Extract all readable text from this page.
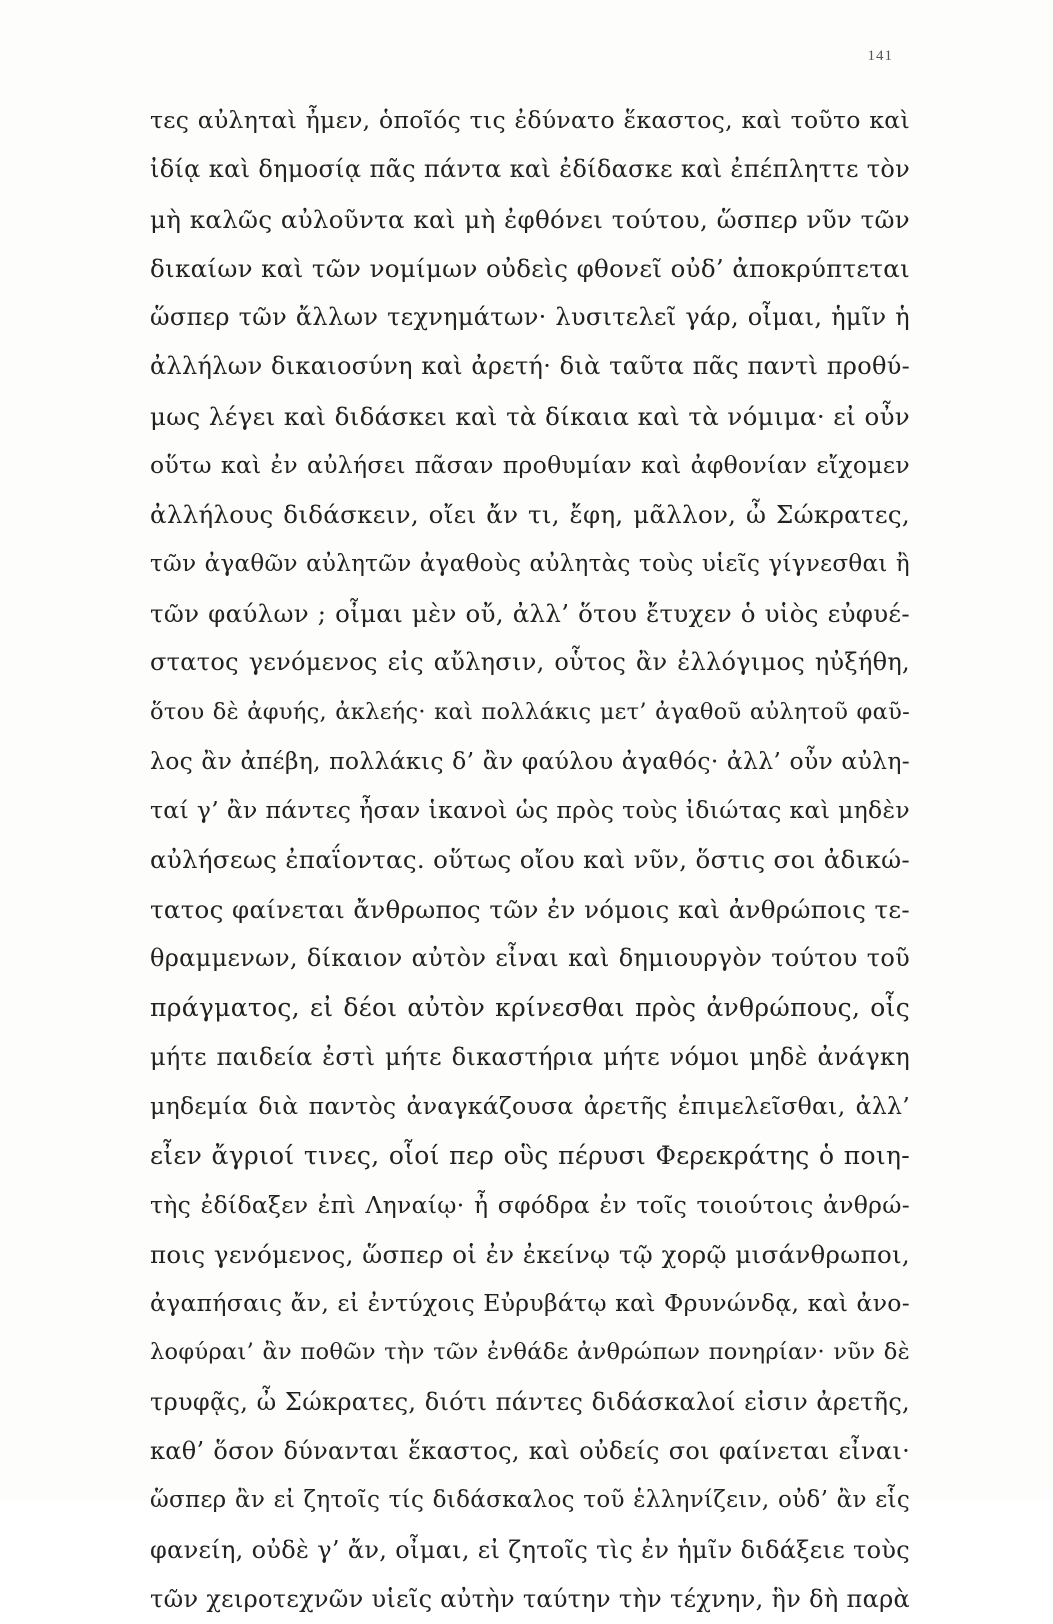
141
τες αὐληταὶ ἦμεν, ὁποῖός τις ἐδύνατο ἕκαστος, καὶ τοῦτο καὶ
ἰδίᾳ καὶ δημοσίᾳ πᾶς πάντα καὶ ἐδίδασκε καὶ ἐπέπληττε τὸν
μὴ καλῶς αὐλοῦντα καὶ μὴ ἐφθόνει τούτου, ὥσπερ νῦν τῶν
δικαίων καὶ τῶν νομίμων οὐδεὶς φθονεῖ οὐδ’ ἀποκρύπτεται
ὥσπερ τῶν ἄλλων τεχνημάτων· λυσιτελεῖ γάρ, οἶμαι, ἡμῖν ἡ
ἀλλήλων δικαιοσύνη καὶ ἀρετή· διὰ ταῦτα πᾶς παντὶ προθύ-
μως λέγει καὶ διδάσκει καὶ τὰ δίκαια καὶ τὰ νόμιμα· εἰ οὖν
οὕτω καὶ ἐν αὐλήσει πᾶσαν προθυμίαν καὶ ἀφθονίαν εἴχομεν
ἀλλήλους διδάσκειν, οἴει ἄν τι, ἔφη, μᾶλλον, ὦ Σώκρατες,
τῶν ἀγαθῶν αὐλητῶν ἀγαθοὺς αὐλητὰς τοὺς υἱεῖς γίγνεσθαι ἢ
τῶν φαύλων ; οἶμαι μὲν οὔ, ἀλλ’ ὅτου ἔτυχεν ὁ υἱὸς εὐφυέ-
στατος γενόμενος εἰς αὔλησιν, οὗτος ἂν ἐλλόγιμος ηὐξήθη,
ὅτου δὲ ἀφυής, ἀκλεής· καὶ πολλάκις μετ’ ἀγαθοῦ αὐλητοῦ φαῦ-
λος ἂν ἀπέβη, πολλάκις δ’ ἂν φαύλου ἀγαθός· ἀλλ’ οὖν αὐλη-
ταί γ’ ἂν πάντες ἦσαν ἱκανοὶ ὡς πρὸς τοὺς ἰδιώτας καὶ μηδὲν
αὐλήσεως ἐπαΐοντας. οὕτως οἴου καὶ νῦν, ὅστις σοι ἀδικώ-
τατος φαίνεται ἄνθρωπος τῶν ἐν νόμοις καὶ ἀνθρώποις τε-
θραμμενων, δίκαιον αὐτὸν εἶναι καὶ δημιουργὸν τούτου τοῦ
πράγματος, εἰ δέοι αὐτὸν κρίνεσθαι πρὸς ἀνθρώπους, οἷς
μήτε παιδεία ἐστὶ μήτε δικαστήρια μήτε νόμοι μηδὲ ἀνάγκη
μηδεμία διὰ παντὸς ἀναγκάζουσα ἀρετῆς ἐπιμελεῖσθαι, ἀλλ’
εἶεν ἄγριοί τινες, οἷοί περ οὓς πέρυσι Φερεκράτης ὁ ποιη-
τὴς ἐδίδαξεν ἐπὶ Ληναίῳ· ἦ σφόδρα ἐν τοῖς τοιούτοις ἀνθρώ-
ποις γενόμενος, ὥσπερ οἱ ἐν ἐκείνῳ τῷ χορῷ μισάνθρωποι,
ἀγαπήσαις ἄν, εἰ ἐντύχοις Εὐρυβάτῳ καὶ Φρυνώνδᾳ, καὶ ἀνο-
λοφύραι’ ἂν ποθῶν τὴν τῶν ἐνθάδε ἀνθρώπων πονηρίαν· νῦν δὲ
τρυφᾷς, ὦ Σώκρατες, διότι πάντες διδάσκαλοί εἰσιν ἀρετῆς,
καθ’ ὅσον δύνανται ἕκαστος, καὶ οὐδείς σοι φαίνεται εἶναι·
ὥσπερ ἂν εἰ ζητοῖς τίς διδάσκαλος τοῦ ἑλληνίζειν, οὐδ’ ἂν εἷς
φανείη, οὐδὲ γ’ ἄν, οἶμαι, εἰ ζητοῖς τὶς ἐν ἡμῖν διδάξειε τοὺς
τῶν χειροτεχνῶν υἱεῖς αὐτὴν ταύτην τὴν τέχνην, ἣν δὴ παρὰ
